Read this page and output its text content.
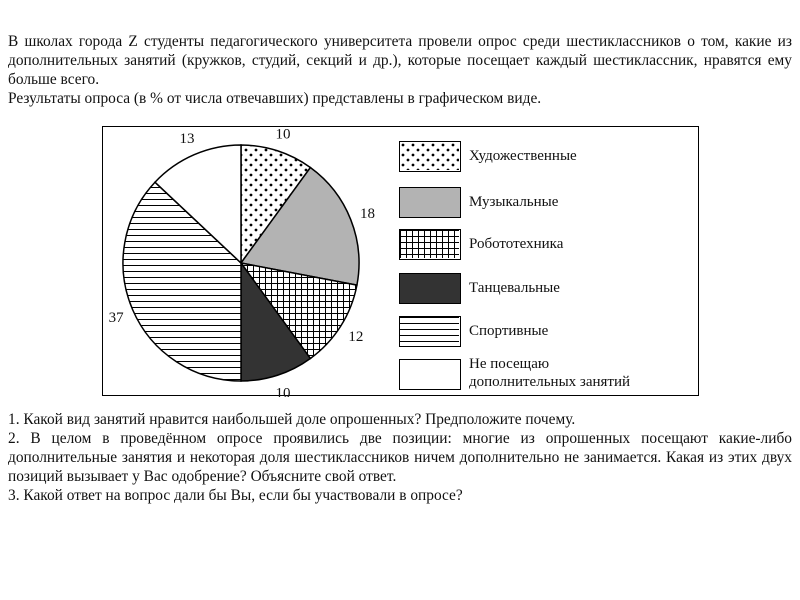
В школах города Z студенты педагогического университета провели опрос среди шестиклассников о том, какие из дополнительных занятий (кружков, студий, секций и др.), которые посещает каждый шестиклассник, нравятся ему больше всего.

Результаты опроса (в % от числа отвечавших) представлены в графическом виде.

10
18
12
10
37
13
Художественные
Музыкальные
Робототехника
Танцевальные
Спортивные
Не посещаю
дополнительных занятий

1. Какой вид занятий нравится наибольшей доле опрошенных? Предположите почему.

2. В целом в проведённом опросе проявились две позиции: многие из опрошенных посещают какие-либо дополнительные занятия и некоторая доля шестиклассников ничем дополнительно не занимается. Какая из этих двух позиций вызывает у Вас одобрение? Объясните свой ответ.

3. Какой ответ на вопрос дали бы Вы, если бы участвовали в опросе?
